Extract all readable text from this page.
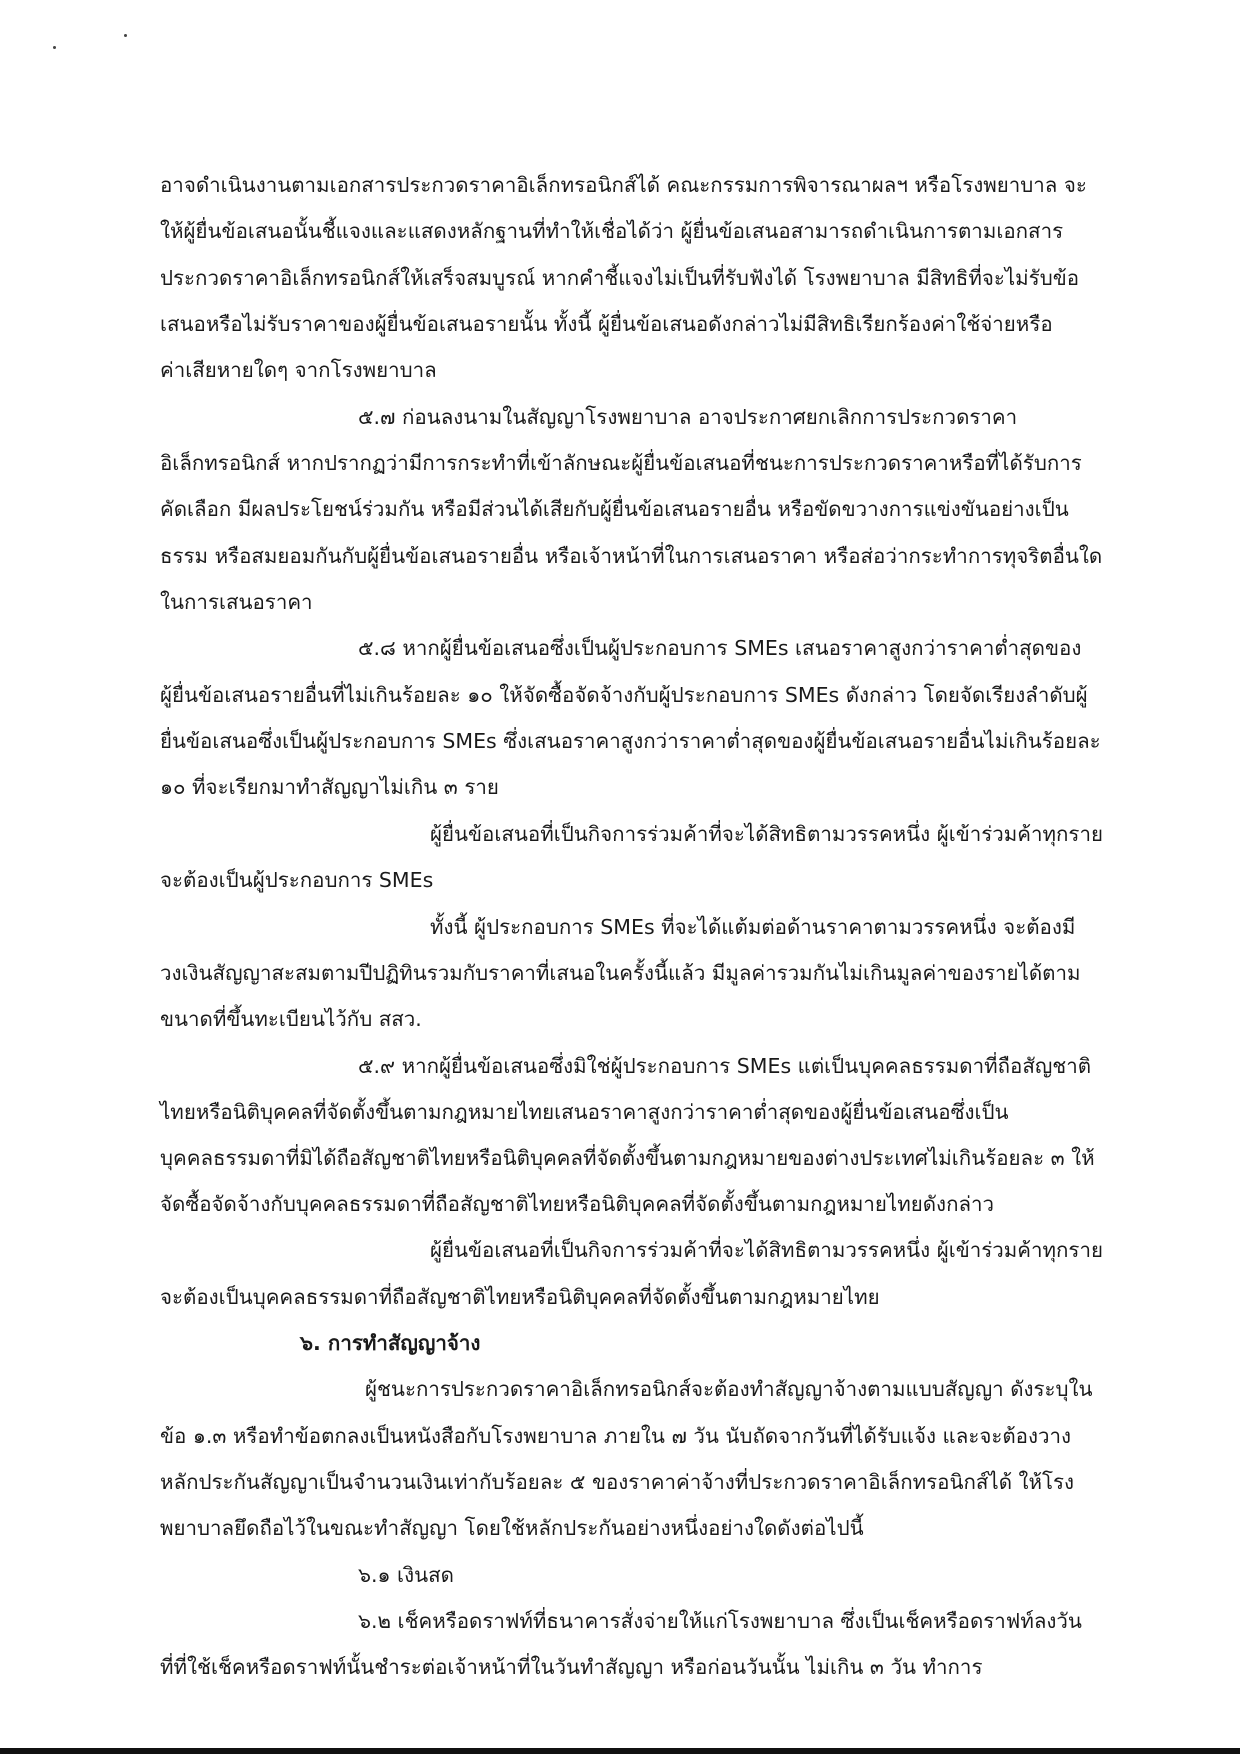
อาจดำเนินงานตามเอกสารประกวดราคาอิเล็กทรอนิกส์ได้ คณะกรรมการพิจารณาผลฯ หรือโรงพยาบาล จะ
ให้ผู้ยื่นข้อเสนอนั้นชี้แจงและแสดงหลักฐานที่ทำให้เชื่อได้ว่า ผู้ยื่นข้อเสนอสามารถดำเนินการตามเอกสาร
ประกวดราคาอิเล็กทรอนิกส์ให้เสร็จสมบูรณ์ หากคำชี้แจงไม่เป็นที่รับฟังได้ โรงพยาบาล มีสิทธิที่จะไม่รับข้อ
เสนอหรือไม่รับราคาของผู้ยื่นข้อเสนอรายนั้น ทั้งนี้ ผู้ยื่นข้อเสนอดังกล่าวไม่มีสิทธิเรียกร้องค่าใช้จ่ายหรือ
ค่าเสียหายใดๆ จากโรงพยาบาล
๕.๗ ก่อนลงนามในสัญญาโรงพยาบาล อาจประกาศยกเลิกการประกวดราคา
อิเล็กทรอนิกส์ หากปรากฏว่ามีการกระทำที่เข้าลักษณะผู้ยื่นข้อเสนอที่ชนะการประกวดราคาหรือที่ได้รับการ
คัดเลือก มีผลประโยชน์ร่วมกัน หรือมีส่วนได้เสียกับผู้ยื่นข้อเสนอรายอื่น หรือขัดขวางการแข่งขันอย่างเป็น
ธรรม หรือสมยอมกันกับผู้ยื่นข้อเสนอรายอื่น หรือเจ้าหน้าที่ในการเสนอราคา หรือส่อว่ากระทำการทุจริตอื่นใด
ในการเสนอราคา
๕.๘ หากผู้ยื่นข้อเสนอซึ่งเป็นผู้ประกอบการ SMEs เสนอราคาสูงกว่าราคาต่ำสุดของ
ผู้ยื่นข้อเสนอรายอื่นที่ไม่เกินร้อยละ ๑๐ ให้จัดซื้อจัดจ้างกับผู้ประกอบการ SMEs ดังกล่าว โดยจัดเรียงลำดับผู้
ยื่นข้อเสนอซึ่งเป็นผู้ประกอบการ SMEs ซึ่งเสนอราคาสูงกว่าราคาต่ำสุดของผู้ยื่นข้อเสนอรายอื่นไม่เกินร้อยละ
๑๐ ที่จะเรียกมาทำสัญญาไม่เกิน ๓ ราย
ผู้ยื่นข้อเสนอที่เป็นกิจการร่วมค้าที่จะได้สิทธิตามวรรคหนึ่ง ผู้เข้าร่วมค้าทุกราย
จะต้องเป็นผู้ประกอบการ SMEs
ทั้งนี้ ผู้ประกอบการ SMEs ที่จะได้แต้มต่อด้านราคาตามวรรคหนึ่ง จะต้องมี
วงเงินสัญญาสะสมตามปีปฏิทินรวมกับราคาที่เสนอในครั้งนี้แล้ว มีมูลค่ารวมกันไม่เกินมูลค่าของรายได้ตาม
ขนาดที่ขึ้นทะเบียนไว้กับ สสว.
๕.๙ หากผู้ยื่นข้อเสนอซึ่งมิใช่ผู้ประกอบการ SMEs แต่เป็นบุคคลธรรมดาที่ถือสัญชาติ
ไทยหรือนิติบุคคลที่จัดตั้งขึ้นตามกฎหมายไทยเสนอราคาสูงกว่าราคาต่ำสุดของผู้ยื่นข้อเสนอซึ่งเป็น
บุคคลธรรมดาที่มิได้ถือสัญชาติไทยหรือนิติบุคคลที่จัดตั้งขึ้นตามกฎหมายของต่างประเทศไม่เกินร้อยละ ๓ ให้
จัดซื้อจัดจ้างกับบุคคลธรรมดาที่ถือสัญชาติไทยหรือนิติบุคคลที่จัดตั้งขึ้นตามกฎหมายไทยดังกล่าว
ผู้ยื่นข้อเสนอที่เป็นกิจการร่วมค้าที่จะได้สิทธิตามวรรคหนึ่ง ผู้เข้าร่วมค้าทุกราย
จะต้องเป็นบุคคลธรรมดาที่ถือสัญชาติไทยหรือนิติบุคคลที่จัดตั้งขึ้นตามกฎหมายไทย
๖. การทำสัญญาจ้าง
ผู้ชนะการประกวดราคาอิเล็กทรอนิกส์จะต้องทำสัญญาจ้างตามแบบสัญญา ดังระบุใน
ข้อ ๑.๓ หรือทำข้อตกลงเป็นหนังสือกับโรงพยาบาล ภายใน ๗ วัน นับถัดจากวันที่ได้รับแจ้ง และจะต้องวาง
หลักประกันสัญญาเป็นจำนวนเงินเท่ากับร้อยละ ๕ ของราคาค่าจ้างที่ประกวดราคาอิเล็กทรอนิกส์ได้ ให้โรง
พยาบาลยึดถือไว้ในขณะทำสัญญา โดยใช้หลักประกันอย่างหนึ่งอย่างใดดังต่อไปนี้
๖.๑ เงินสด
๖.๒ เช็คหรือดราฟท์ที่ธนาคารสั่งจ่ายให้แก่โรงพยาบาล ซึ่งเป็นเช็คหรือดราฟท์ลงวัน
ที่ที่ใช้เช็คหรือดราฟท์นั้นชำระต่อเจ้าหน้าที่ในวันทำสัญญา หรือก่อนวันนั้น ไม่เกิน ๓ วัน ทำการ
